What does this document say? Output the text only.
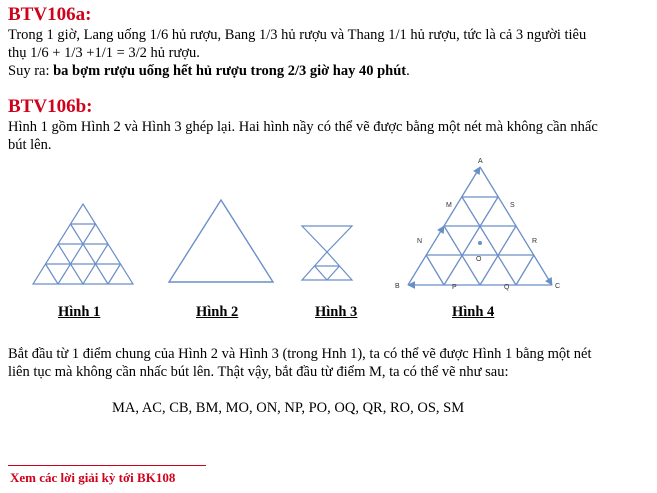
BTV106a:
Trong 1 giờ, Lang uống 1/6 hủ rượu, Bang 1/3 hủ rượu và Thang 1/1 hủ rượu, tức là cả 3 người tiêu
thụ 1/6 + 1/3 +1/1 = 3/2 hủ rượu.
Suy ra: ba bợm rượu uống hết hủ rượu trong 2/3 giờ hay 40 phút.
BTV106b:
Hình 1 gồm Hình 2 và Hình 3 ghép lại. Hai hình nầy có thể vẽ được bằng một nét mà không cần nhấc
bút lên.
Hình 1	Hình 2	Hình 3
A
M	S
N	R
O
B	P	Q	C
Hình 4
Bắt đầu từ 1 điểm chung của Hình 2 và Hình 3 (trong Hnh 1), ta có thể vẽ được Hình 1 bằng một nét
liên tục mà không cần nhấc bút lên. Thật vậy, bắt đầu từ điểm M, ta có thể vẽ như sau:
MA, AC, CB, BM, MO, ON, NP, PO, OQ, QR, RO, OS, SM
Xem các lời giải kỳ tới BK108
